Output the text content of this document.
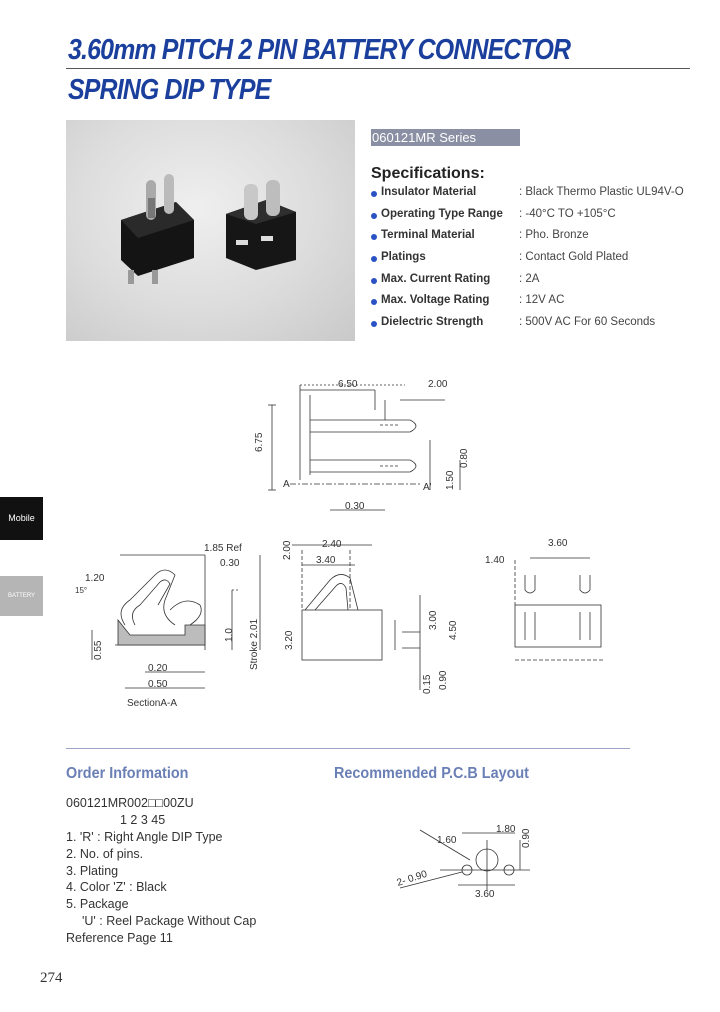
3.60mm PITCH 2 PIN BATTERY CONNECTOR
SPRING DIP TYPE
060121MR Series
Specifications:
Insulator Material	: Black Thermo Plastic UL94V-O
Operating Type Range : -40°C TO +105°C
Terminal Material	: Pho. Bronze
Platings	: Contact Gold Plated
Max. Current Rating : 2A
Max. Voltage Rating	: 12V AC
Dielectric Strength	: 500V AC For 60 Seconds
Mobile
BATTERY
6.50	2.00
6.75
0.80
1.50
0.30
A	A'
1.85 Ref
0.30
1.20
15°
0.55
0.20
0.50
1.0 Stroke 2.01
SectionA-A
2.00	2.40
3.40
3.20
3.00
4.50
0.15 0.90
1.40
3.60
1.60
1.80 0.90
2- 0.90
3.60
Order Information	Recommended P.C.B Layout
060121MR002□□00ZU
1 2 3 45
1. 'R' : Right Angle DIP Type
2. No. of pins.
3. Plating
4. Color 'Z' : Black
5. Package
'U' : Reel Package Without Cap
Reference Page 11
274
